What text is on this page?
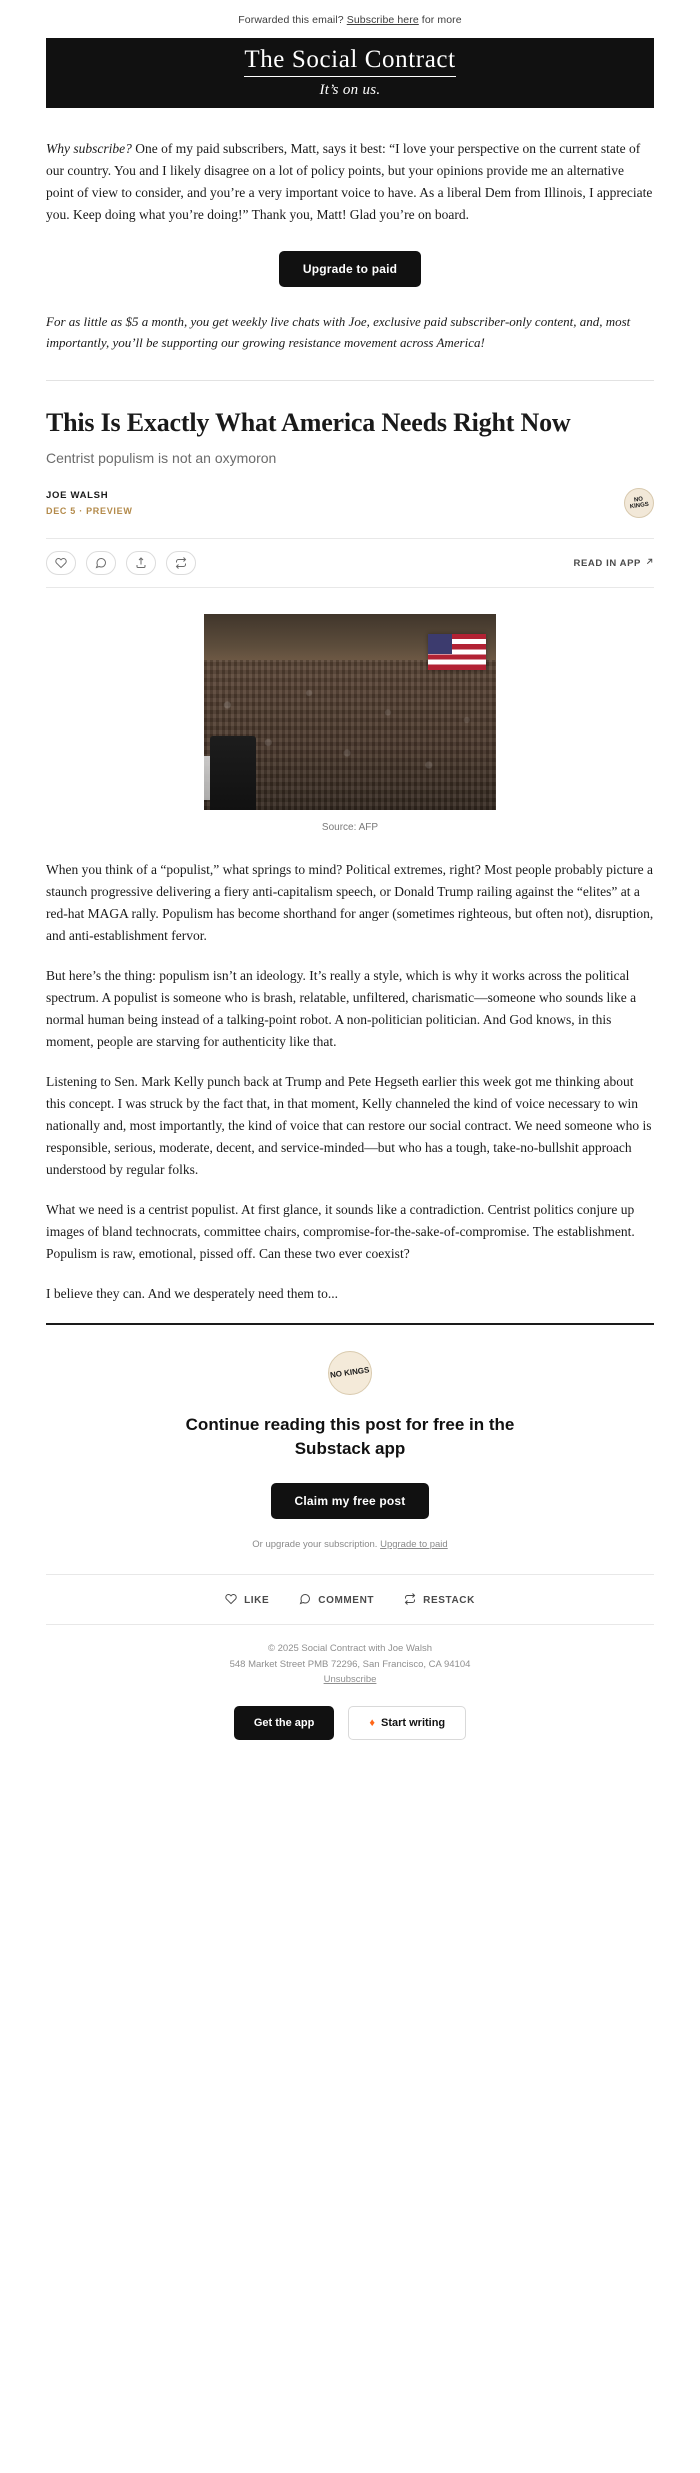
Forwarded this email? Subscribe here for more
The Social Contract
It’s on us.

Why subscribe? One of my paid subscribers, Matt, says it best: “I love your perspective on the current state of our country. You and I likely disagree on a lot of policy points, but your opinions provide me an alternative point of view to consider, and you’re a very important voice to have. As a liberal Dem from Illinois, I appreciate you. Keep doing what you’re doing!” Thank you, Matt! Glad you’re on board.

Upgrade to paid

For as little as $5 a month, you get weekly live chats with Joe, exclusive paid subscriber-only content, and, most importantly, you’ll be supporting our growing resistance movement across America!

This Is Exactly What America Needs Right Now
Centrist populism is not an oxymoron
JOE WALSH
DEC 5 · PREVIEW
NO KINGS
READ IN APP
Source: AFP

When you think of a “populist,” what springs to mind? Political extremes, right? Most people probably picture a staunch progressive delivering a fiery anti-capitalism speech, or Donald Trump railing against the “elites” at a red-hat MAGA rally. Populism has become shorthand for anger (sometimes righteous, but often not), disruption, and anti-establishment fervor.

But here’s the thing: populism isn’t an ideology. It’s really a style, which is why it works across the political spectrum. A populist is someone who is brash, relatable, unfiltered, charismatic—someone who sounds like a normal human being instead of a talking-point robot. A non-politician politician. And God knows, in this moment, people are starving for authenticity like that.

Listening to Sen. Mark Kelly punch back at Trump and Pete Hegseth earlier this week got me thinking about this concept. I was struck by the fact that, in that moment, Kelly channeled the kind of voice necessary to win nationally and, most importantly, the kind of voice that can restore our social contract. We need someone who is responsible, serious, moderate, decent, and service-minded—but who has a tough, take-no-bullshit approach understood by regular folks.

What we need is a centrist populist. At first glance, it sounds like a contradiction. Centrist politics conjure up images of bland technocrats, committee chairs, compromise-for-the-sake-of-compromise. The establishment. Populism is raw, emotional, pissed off. Can these two ever coexist?

I believe they can. And we desperately need them to...

NO KINGS
Continue reading this post for free in the Substack app
Claim my free post
Or upgrade your subscription. Upgrade to paid
LIKE	COMMENT	RESTACK
© 2025 Social Contract with Joe Walsh
548 Market Street PMB 72296, San Francisco, CA 94104
Unsubscribe
Get the app	♦ Start writing
